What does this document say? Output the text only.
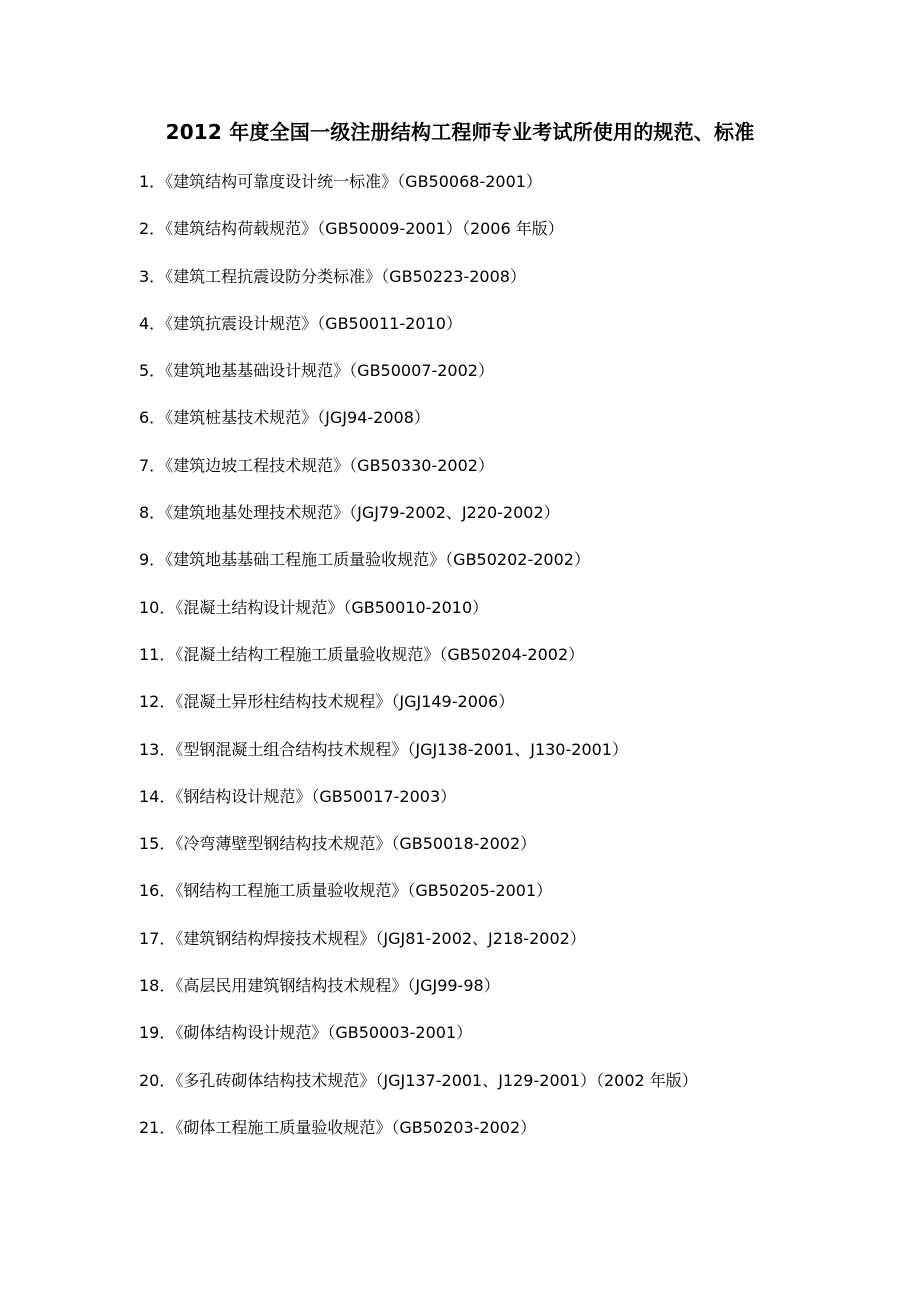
2012 年度全国一级注册结构工程师专业考试所使用的规范、标准
1．《建筑结构可靠度设计统一标准》（GB50068-2001）
2．《建筑结构荷载规范》（GB50009-2001）（2006 年版）
3．《建筑工程抗震设防分类标准》（GB50223-2008）
4．《建筑抗震设计规范》（GB50011-2010）
5．《建筑地基基础设计规范》（GB50007-2002）
6．《建筑桩基技术规范》（JGJ94-2008）
7．《建筑边坡工程技术规范》（GB50330-2002）
8．《建筑地基处理技术规范》（JGJ79-2002、J220-2002）
9．《建筑地基基础工程施工质量验收规范》（GB50202-2002）
10．《混凝土结构设计规范》（GB50010-2010）
11．《混凝土结构工程施工质量验收规范》（GB50204-2002）
12．《混凝土异形柱结构技术规程》（JGJ149-2006）
13．《型钢混凝土组合结构技术规程》（JGJ138-2001、J130-2001）
14．《钢结构设计规范》（GB50017-2003）
15．《冷弯薄壁型钢结构技术规范》（GB50018-2002）
16．《钢结构工程施工质量验收规范》（GB50205-2001）
17．《建筑钢结构焊接技术规程》（JGJ81-2002、J218-2002）
18．《高层民用建筑钢结构技术规程》（JGJ99-98）
19．《砌体结构设计规范》（GB50003-2001）
20．《多孔砖砌体结构技术规范》（JGJ137-2001、J129-2001）（2002 年版）
21．《砌体工程施工质量验收规范》（GB50203-2002）
